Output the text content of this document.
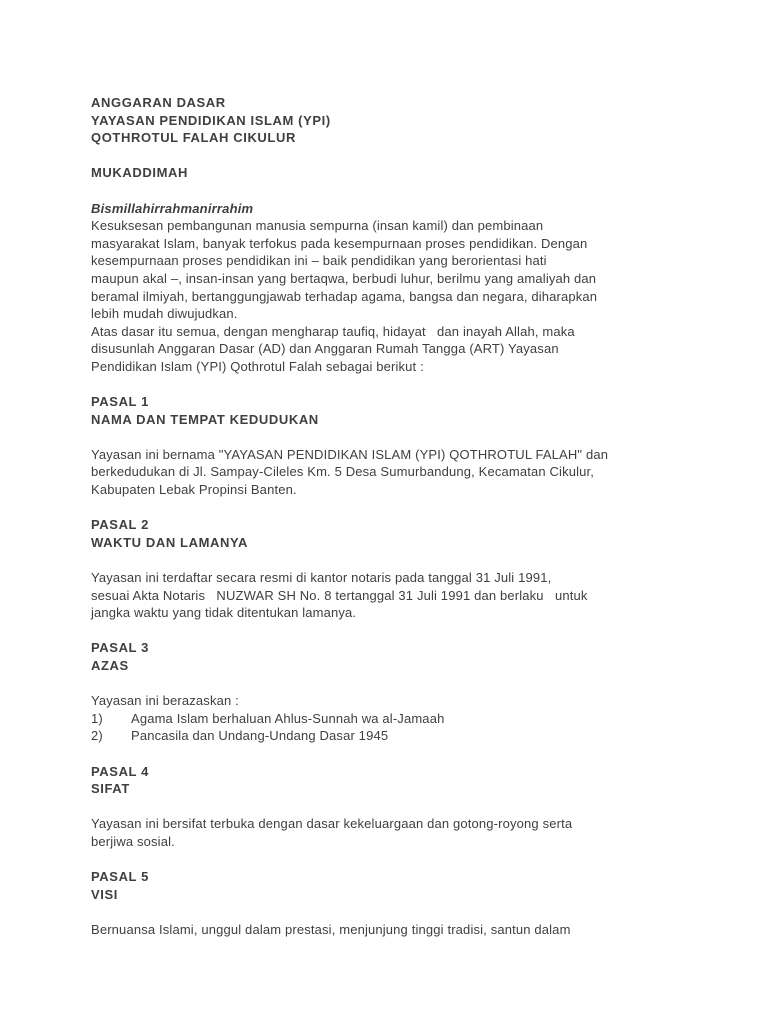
ANGGARAN DASAR
YAYASAN PENDIDIKAN ISLAM (YPI)
QOTHROTUL FALAH CIKULUR
MUKADDIMAH
Bismillahirrahmanirrahim
Kesuksesan pembangunan manusia sempurna (insan kamil) dan pembinaan
masyarakat Islam, banyak terfokus pada kesempurnaan proses pendidikan. Dengan
kesempurnaan proses pendidikan ini – baik pendidikan yang berorientasi hati
maupun akal –, insan-insan yang bertaqwa, berbudi luhur, berilmu yang amaliyah dan
beramal ilmiyah, bertanggungjawab terhadap agama, bangsa dan negara, diharapkan
lebih mudah diwujudkan.
Atas dasar itu semua, dengan mengharap taufiq, hidayat   dan inayah Allah, maka
disusunlah Anggaran Dasar (AD) dan Anggaran Rumah Tangga (ART) Yayasan
Pendidikan Islam (YPI) Qothrotul Falah sebagai berikut :
PASAL 1
NAMA DAN TEMPAT KEDUDUKAN
Yayasan ini bernama "YAYASAN PENDIDIKAN ISLAM (YPI) QOTHROTUL FALAH" dan
berkedudukan di Jl. Sampay-Cileles Km. 5 Desa Sumurbandung, Kecamatan Cikulur,
Kabupaten Lebak Propinsi Banten.
PASAL 2
WAKTU DAN LAMANYA
Yayasan ini terdaftar secara resmi di kantor notaris pada tanggal 31 Juli 1991,
sesuai Akta Notaris   NUZWAR SH No. 8 tertanggal 31 Juli 1991 dan berlaku   untuk
jangka waktu yang tidak ditentukan lamanya.
PASAL 3
AZAS
Yayasan ini berazaskan :
1)	Agama Islam berhaluan Ahlus-Sunnah wa al-Jamaah
2)	Pancasila dan Undang-Undang Dasar 1945
PASAL 4
SIFAT
Yayasan ini bersifat terbuka dengan dasar kekeluargaan dan gotong-royong serta
berjiwa sosial.
PASAL 5
VISI
Bernuansa Islami, unggul dalam prestasi, menjunjung tinggi tradisi, santun dalam
